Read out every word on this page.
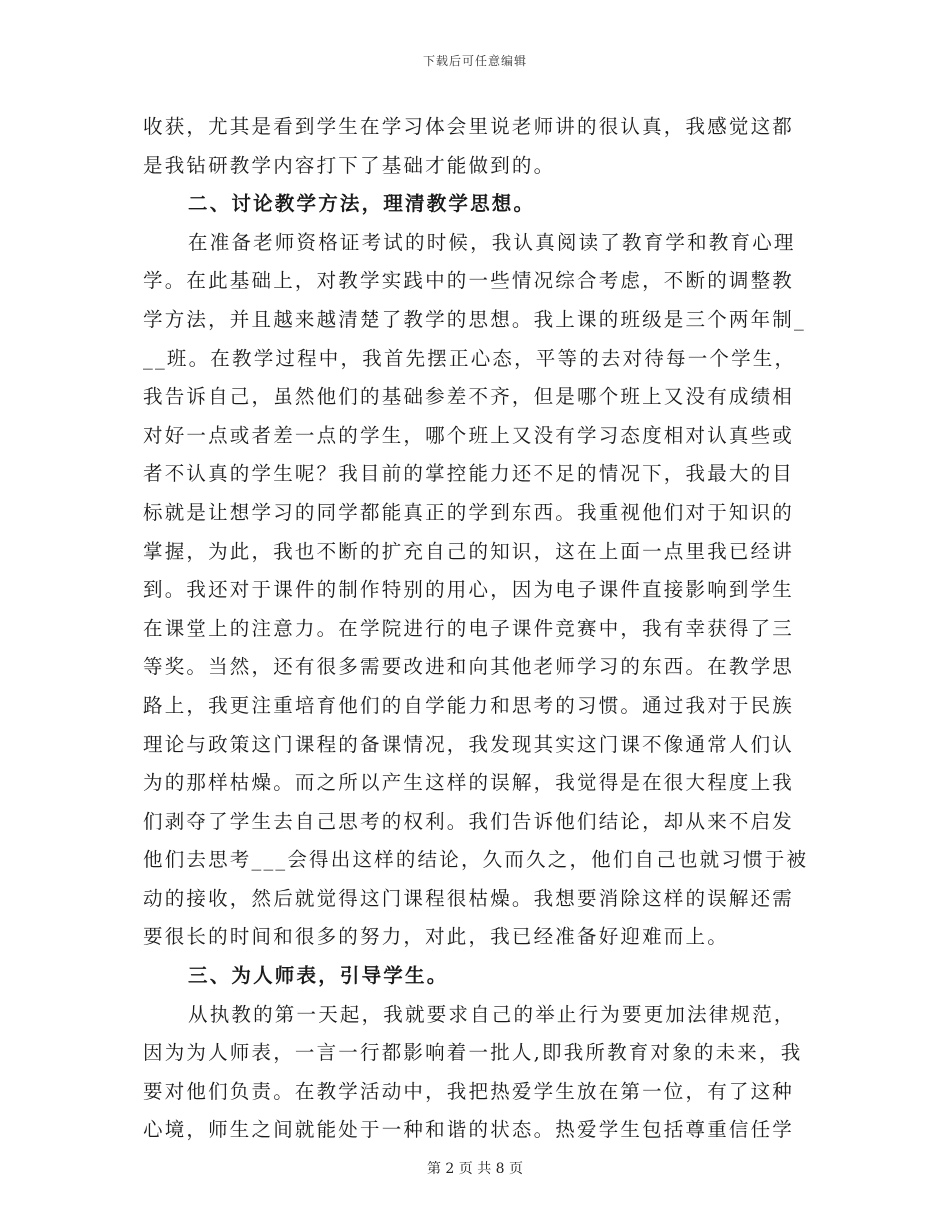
下载后可任意编辑
收获，尤其是看到学生在学习体会里说老师讲的很认真，我感觉这都
是我钻研教学内容打下了基础才能做到的。
二、讨论教学方法，理清教学思想。
在准备老师资格证考试的时候，我认真阅读了教育学和教育心理
学。在此基础上，对教学实践中的一些情况综合考虑，不断的调整教
学方法，并且越来越清楚了教学的思想。我上课的班级是三个两年制_
__班。在教学过程中，我首先摆正心态，平等的去对待每一个学生，
我告诉自己，虽然他们的基础参差不齐，但是哪个班上又没有成绩相
对好一点或者差一点的学生，哪个班上又没有学习态度相对认真些或
者不认真的学生呢？我目前的掌控能力还不足的情况下，我最大的目
标就是让想学习的同学都能真正的学到东西。我重视他们对于知识的
掌握，为此，我也不断的扩充自己的知识，这在上面一点里我已经讲
到。我还对于课件的制作特别的用心，因为电子课件直接影响到学生
在课堂上的注意力。在学院进行的电子课件竞赛中，我有幸获得了三
等奖。当然，还有很多需要改进和向其他老师学习的东西。在教学思
路上，我更注重培育他们的自学能力和思考的习惯。通过我对于民族
理论与政策这门课程的备课情况，我发现其实这门课不像通常人们认
为的那样枯燥。而之所以产生这样的误解，我觉得是在很大程度上我
们剥夺了学生去自己思考的权利。我们告诉他们结论，却从来不启发
他们去思考___会得出这样的结论，久而久之，他们自己也就习惯于被
动的接收，然后就觉得这门课程很枯燥。我想要消除这样的误解还需
要很长的时间和很多的努力，对此，我已经准备好迎难而上。
三、为人师表，引导学生。
从执教的第一天起，我就要求自己的举止行为要更加法律规范，
因为为人师表，一言一行都影响着一批人,即我所教育对象的未来，我
要对他们负责。在教学活动中，我把热爱学生放在第一位，有了这种
心境，师生之间就能处于一种和谐的状态。热爱学生包括尊重信任学
第 2 页 共 8 页
